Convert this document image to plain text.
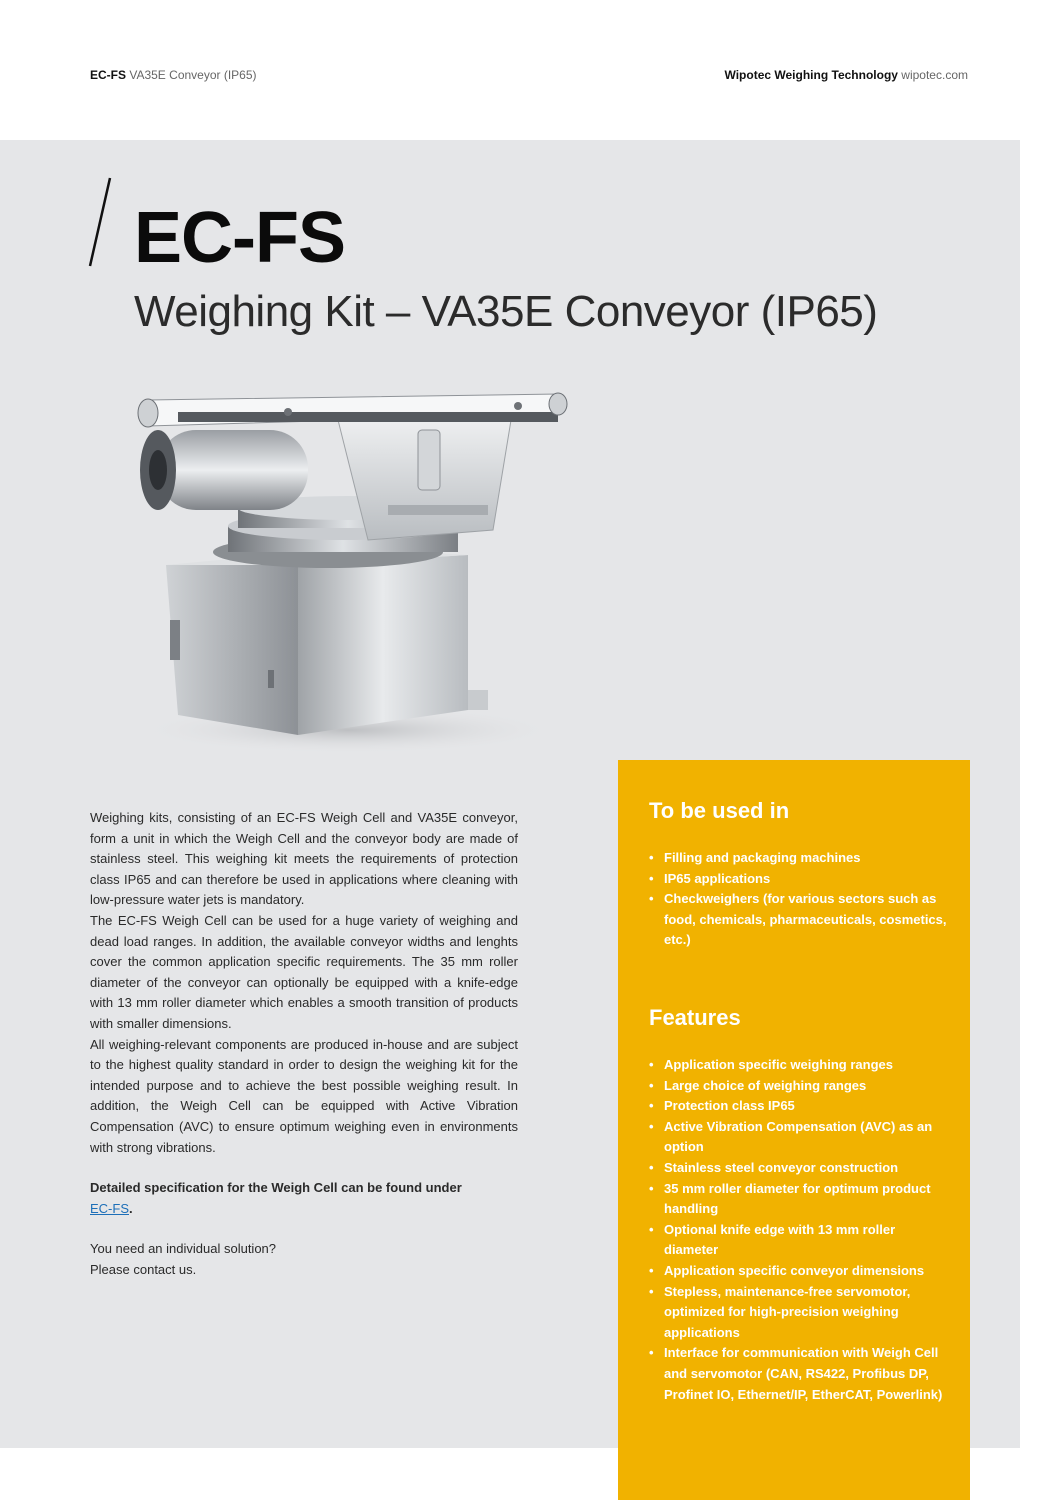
EC-FS VA35E Conveyor (IP65)	Wipotec Weighing Technology wipotec.com
EC-FS
Weighing Kit – VA35E Conveyor (IP65)

Weighing kits, consisting of an EC-FS Weigh Cell and VA35E conveyor, form a unit in which the Weigh Cell and the conveyor body are made of stainless steel. This weighing kit meets the requirements of protection class IP65 and can therefore be used in applications where cleaning with low-pressure water jets is mandatory.

The EC-FS Weigh Cell can be used for a huge variety of weighing and dead load ranges. In addition, the available conveyor widths and lenghts cover the common application specific requirements. The 35 mm roller diameter of the conveyor can optionally be equipped with a knife-edge with 13 mm roller diameter which enables a smooth transition of products with smaller dimensions.

All weighing-relevant components are produced in-house and are subject to the highest quality standard in order to design the weighing kit for the intended purpose and to achieve the best possible weighing result. In addition, the Weigh Cell can be equipped with Active Vibration Compensation (AVC) to ensure optimum weighing even in environments with strong vibrations.

Detailed specification for the Weigh Cell can be found under
EC-FS.

You need an individual solution?
Please contact us.

To be used in
• Filling and packaging machines
• IP65 applications
• Checkweighers (for various sectors such as food, chemicals, pharmaceuticals, cosmetics, etc.)
Features
• Application specific weighing ranges
• Large choice of weighing ranges
• Protection class IP65
• Active Vibration Compensation (AVC) as an option
• Stainless steel conveyor construction
• 35 mm roller diameter for optimum product handling
• Optional knife edge with 13 mm roller diameter
• Application specific conveyor dimensions
• Stepless, maintenance-free servomotor, optimized for high-precision weighing applications
• Interface for communication with Weigh Cell and servomotor (CAN, RS422, Profibus DP, Profinet IO, Ethernet/IP, EtherCAT, Powerlink)
